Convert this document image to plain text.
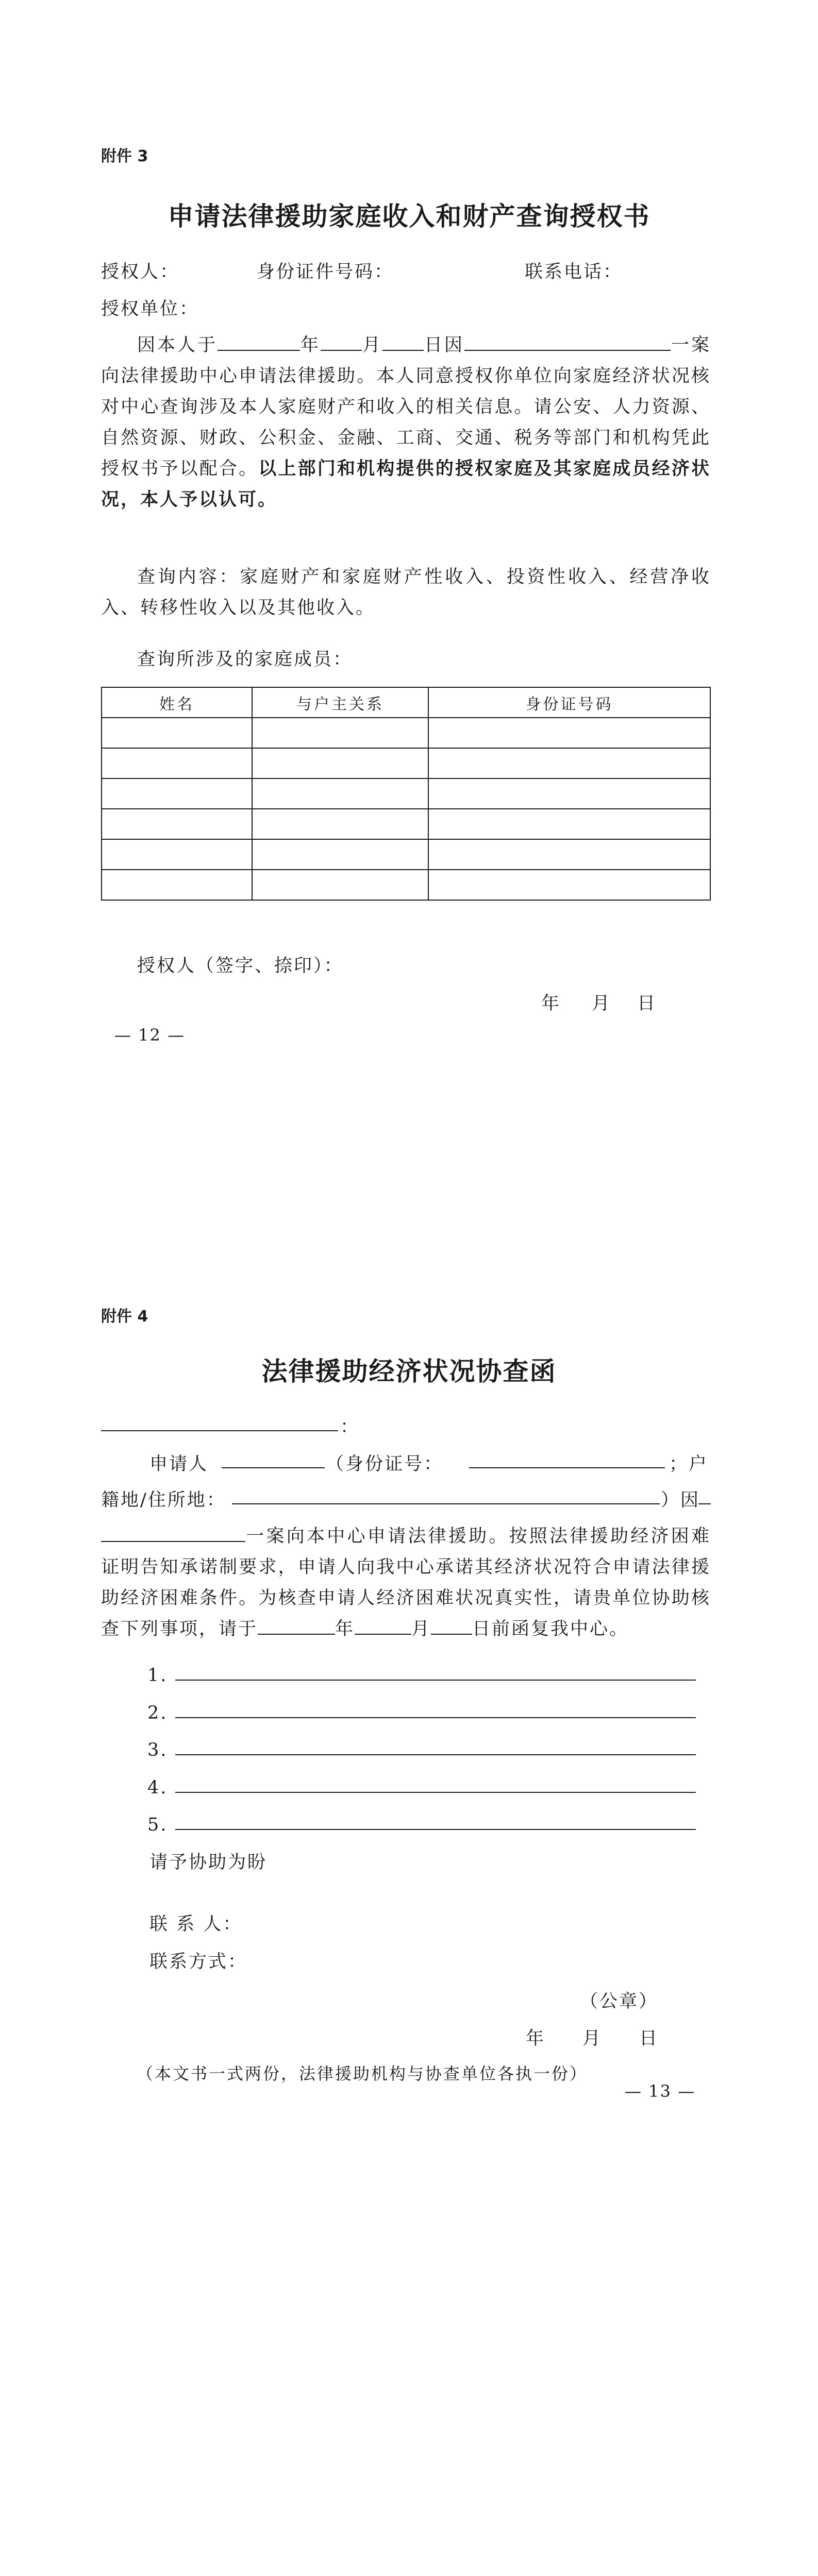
附件 3
申请法律援助家庭收入和财产查询授权书
授权人：	身份证件号码：	联系电话：
授权单位：
因本人于	年 月 日因	一案向法律援助中心申请法律援助。本人同意授权你单位向家庭经济状况核对中心查询涉及本人家庭财产和收入的相关信息。请公安、人力资源、自然资源、财政、公积金、金融、工商、交通、税务等部门和机构凭此授权书予以配合。以上部门和机构提供的授权家庭及其家庭成员经济状况，本人予以认可。
查询内容：家庭财产和家庭财产性收入、投资性收入、经营净收入、转移性收入以及其他收入。
查询所涉及的家庭成员：
姓名	与户主关系	身份证号码

授权人（签字、捺印）：
年 月 日
— 12 —
附件 4
法律援助经济状况协查函
：
申请人	（身份证号：	；户
籍地/住所地：	）因
一案向本中心申请法律援助。按照法律援助经济困难证明告知承诺制要求，申请人向我中心承诺其经济状况符合申请法律援助经济困难条件。为核查申请人经济困难状况真实性，请贵单位协助核查下列事项，请于	年	月 日前函复我中心。
1.
2.
3.
4.
5.
请予协助为盼
联 系 人：
联系方式：
（公章）
年 月 日
（本文书一式两份，法律援助机构与协查单位各执一份）
— 13 —
